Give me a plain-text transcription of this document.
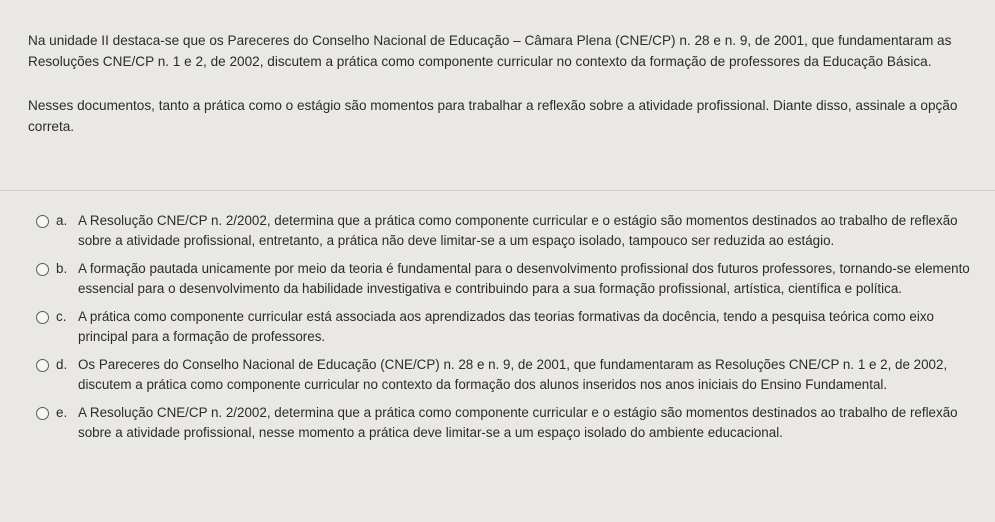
Na unidade II destaca-se que os Pareceres do Conselho Nacional de Educação – Câmara Plena (CNE/CP) n. 28 e n. 9, de 2001, que fundamentaram as Resoluções CNE/CP n. 1 e 2, de 2002, discutem a prática como componente curricular no contexto da formação de professores da Educação Básica.

Nesses documentos, tanto a prática como o estágio são momentos para trabalhar a reflexão sobre a atividade profissional. Diante disso, assinale a opção correta.

a. A Resolução CNE/CP n. 2/2002, determina que a prática como componente curricular e o estágio são momentos destinados ao trabalho de reflexão sobre a atividade profissional, entretanto, a prática não deve limitar-se a um espaço isolado, tampouco ser reduzida ao estágio.
b. A formação pautada unicamente por meio da teoria é fundamental para o desenvolvimento profissional dos futuros professores, tornando-se elemento essencial para o desenvolvimento da habilidade investigativa e contribuindo para a sua formação profissional, artística, científica e política.
c. A prática como componente curricular está associada aos aprendizados das teorias formativas da docência, tendo a pesquisa teórica como eixo principal para a formação de professores.
d. Os Pareceres do Conselho Nacional de Educação (CNE/CP) n. 28 e n. 9, de 2001, que fundamentaram as Resoluções CNE/CP n. 1 e 2, de 2002, discutem a prática como componente curricular no contexto da formação dos alunos inseridos nos anos iniciais do Ensino Fundamental.
e. A Resolução CNE/CP n. 2/2002, determina que a prática como componente curricular e o estágio são momentos destinados ao trabalho de reflexão sobre a atividade profissional, nesse momento a prática deve limitar-se a um espaço isolado do ambiente educacional.
